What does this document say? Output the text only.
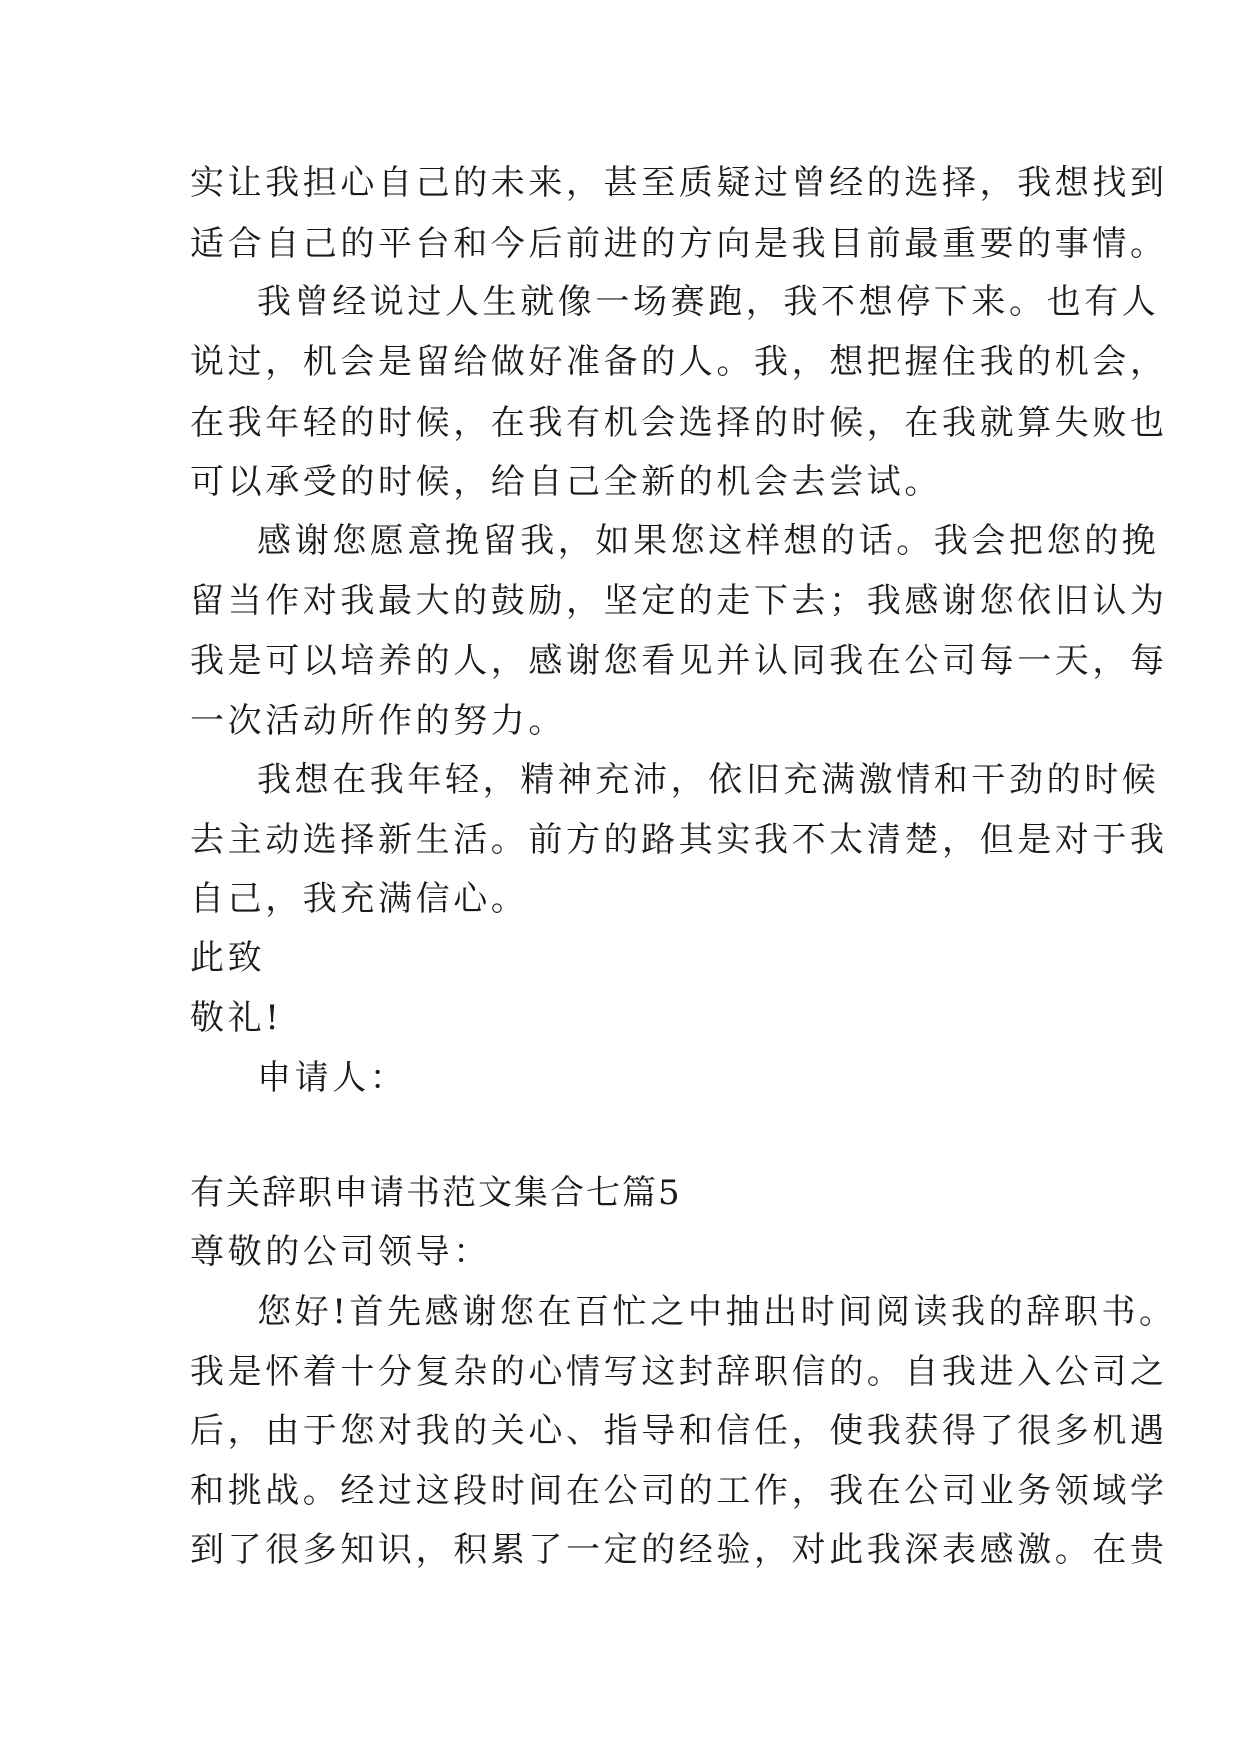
实让我担心自己的未来，甚至质疑过曾经的选择，我想找到
适合自己的平台和今后前进的方向是我目前最重要的事情。
我曾经说过人生就像一场赛跑，我不想停下来。也有人
说过，机会是留给做好准备的人。我，想把握住我的机会，
在我年轻的时候，在我有机会选择的时候，在我就算失败也
可以承受的时候，给自己全新的机会去尝试。
感谢您愿意挽留我，如果您这样想的话。我会把您的挽
留当作对我最大的鼓励，坚定的走下去；我感谢您依旧认为
我是可以培养的人，感谢您看见并认同我在公司每一天，每
一次活动所作的努力。
我想在我年轻，精神充沛，依旧充满激情和干劲的时候
去主动选择新生活。前方的路其实我不太清楚，但是对于我
自己，我充满信心。
此致
敬礼!
申请人：
有关辞职申请书范文集合七篇5
尊敬的公司领导：
您好!首先感谢您在百忙之中抽出时间阅读我的辞职书。
我是怀着十分复杂的心情写这封辞职信的。自我进入公司之
后，由于您对我的关心、指导和信任，使我获得了很多机遇
和挑战。经过这段时间在公司的工作，我在公司业务领域学
到了很多知识，积累了一定的经验，对此我深表感激。在贵
